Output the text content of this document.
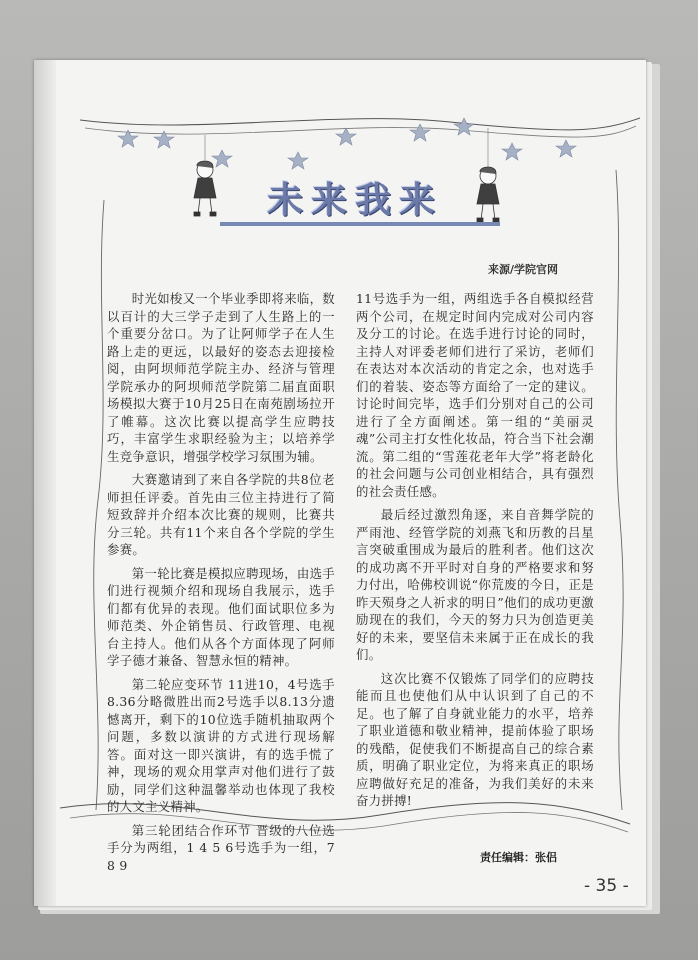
未来我来
来源/学院官网

时光如梭又一个毕业季即将来临，数以百计的大三学子走到了人生路上的一个重要分岔口。为了让阿师学子在人生路上走的更远，以最好的姿态去迎接检阅，由阿坝师范学院主办、经济与管理学院承办的阿坝师范学院第二届直面职场模拟大赛于10月25日在南苑剧场拉开了帷幕。这次比赛以提高学生应聘技巧，丰富学生求职经验为主；以培养学生竞争意识，增强学校学习氛围为辅。

大赛邀请到了来自各学院的共8位老师担任评委。首先由三位主持进行了简短致辞并介绍本次比赛的规则，比赛共分三轮。共有11个来自各个学院的学生参赛。

第一轮比赛是模拟应聘现场，由选手们进行视频介绍和现场自我展示，选手们都有优异的表现。他们面试职位多为师范类、外企销售员、行政管理、电视台主持人。他们从各个方面体现了阿师学子德才兼备、智慧永恒的精神。

第二轮应变环节 11进10，4号选手8.36分略微胜出而2号选手以8.13分遗憾离开，剩下的10位选手随机抽取两个问题，多数以演讲的方式进行现场解答。面对这一即兴演讲，有的选手慌了神，现场的观众用掌声对他们进行了鼓励，同学们这种温馨举动也体现了我校的人文主义精神。

第三轮团结合作环节 晋级的八位选手分为两组，1 4 5 6号选手为一组，7 8 9

11号选手为一组，两组选手各自模拟经营两个公司，在规定时间内完成对公司内容及分工的讨论。在选手进行讨论的同时，主持人对评委老师们进行了采访，老师们在表达对本次活动的肯定之余，也对选手们的着装、姿态等方面给了一定的建议。讨论时间完毕，选手们分别对自己的公司进行了全方面阐述。第一组的“美丽灵魂”公司主打女性化妆品，符合当下社会潮流。第二组的“雪莲花老年大学”将老龄化的社会问题与公司创业相结合，具有强烈的社会责任感。

最后经过激烈角逐，来自音舞学院的严雨池、经管学院的刘燕飞和历教的吕星言突破重围成为最后的胜利者。他们这次的成功离不开平时对自身的严格要求和努力付出，哈佛校训说“你荒废的今日，正是昨天殒身之人祈求的明日”他们的成功更激励现在的我们，今天的努力只为创造更美好的未来，要坚信未来属于正在成长的我们。

这次比赛不仅锻炼了同学们的应聘技能而且也使他们从中认识到了自己的不足。也了解了自身就业能力的水平，培养了职业道德和敬业精神，提前体验了职场的残酷，促使我们不断提高自己的综合素质，明确了职业定位，为将来真正的职场应聘做好充足的准备，为我们美好的未来奋力拼搏!

责任编辑：张侣
- 35 -
